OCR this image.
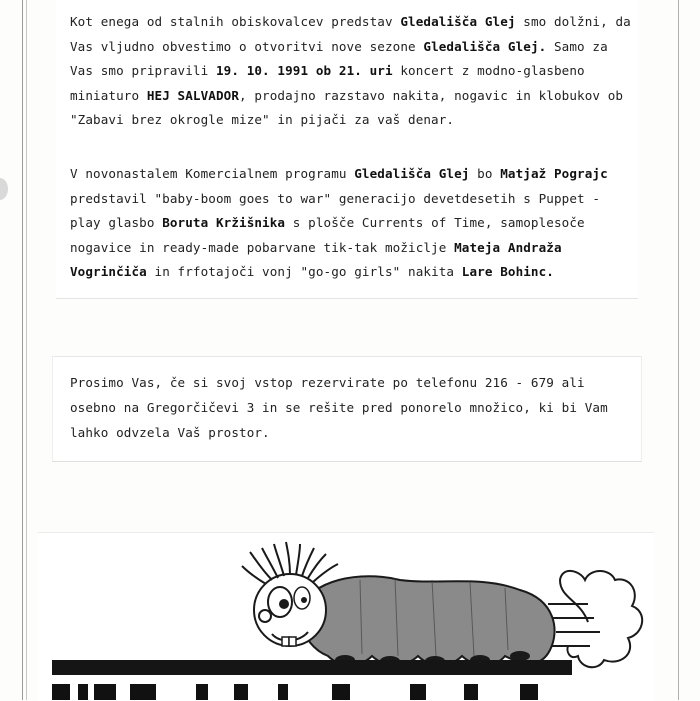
Kot enega od stalnih obiskovalcev predstav Gledališča Glej smo dolžni, da Vas vljudno obvestimo o otvoritvi nove sezone Gledališča Glej. Samo za Vas smo pripravili 19. 10. 1991 ob 21. uri koncert z modno-glasbeno miniaturo HEJ SALVADOR, prodajno razstavo nakita, nogavic in klobukov ob "Zabavi brez okrogle mize" in pijači za vaš denar.

V novonastalem Komercialnem programu Gledališča Glej bo Matjaž Pograjc predstavil "baby-boom goes to war" generacijo devetdesetih s Puppet - play glasbo Boruta Kržišnika s plošče Currents of Time, samoplesoče nogavice in ready-made pobarvane tik-tak možiclje Mateja Andraža Vogrinčiča in frfotajoči vonj "go-go girls" nakita Lare Bohinc.

Prosimo Vas, če si svoj vstop rezervirate po telefonu 216 - 679 ali osebno na Gregorčičevi 3 in se rešite pred ponorelo množico, ki bi Vam lahko odvzela Vaš prostor.
